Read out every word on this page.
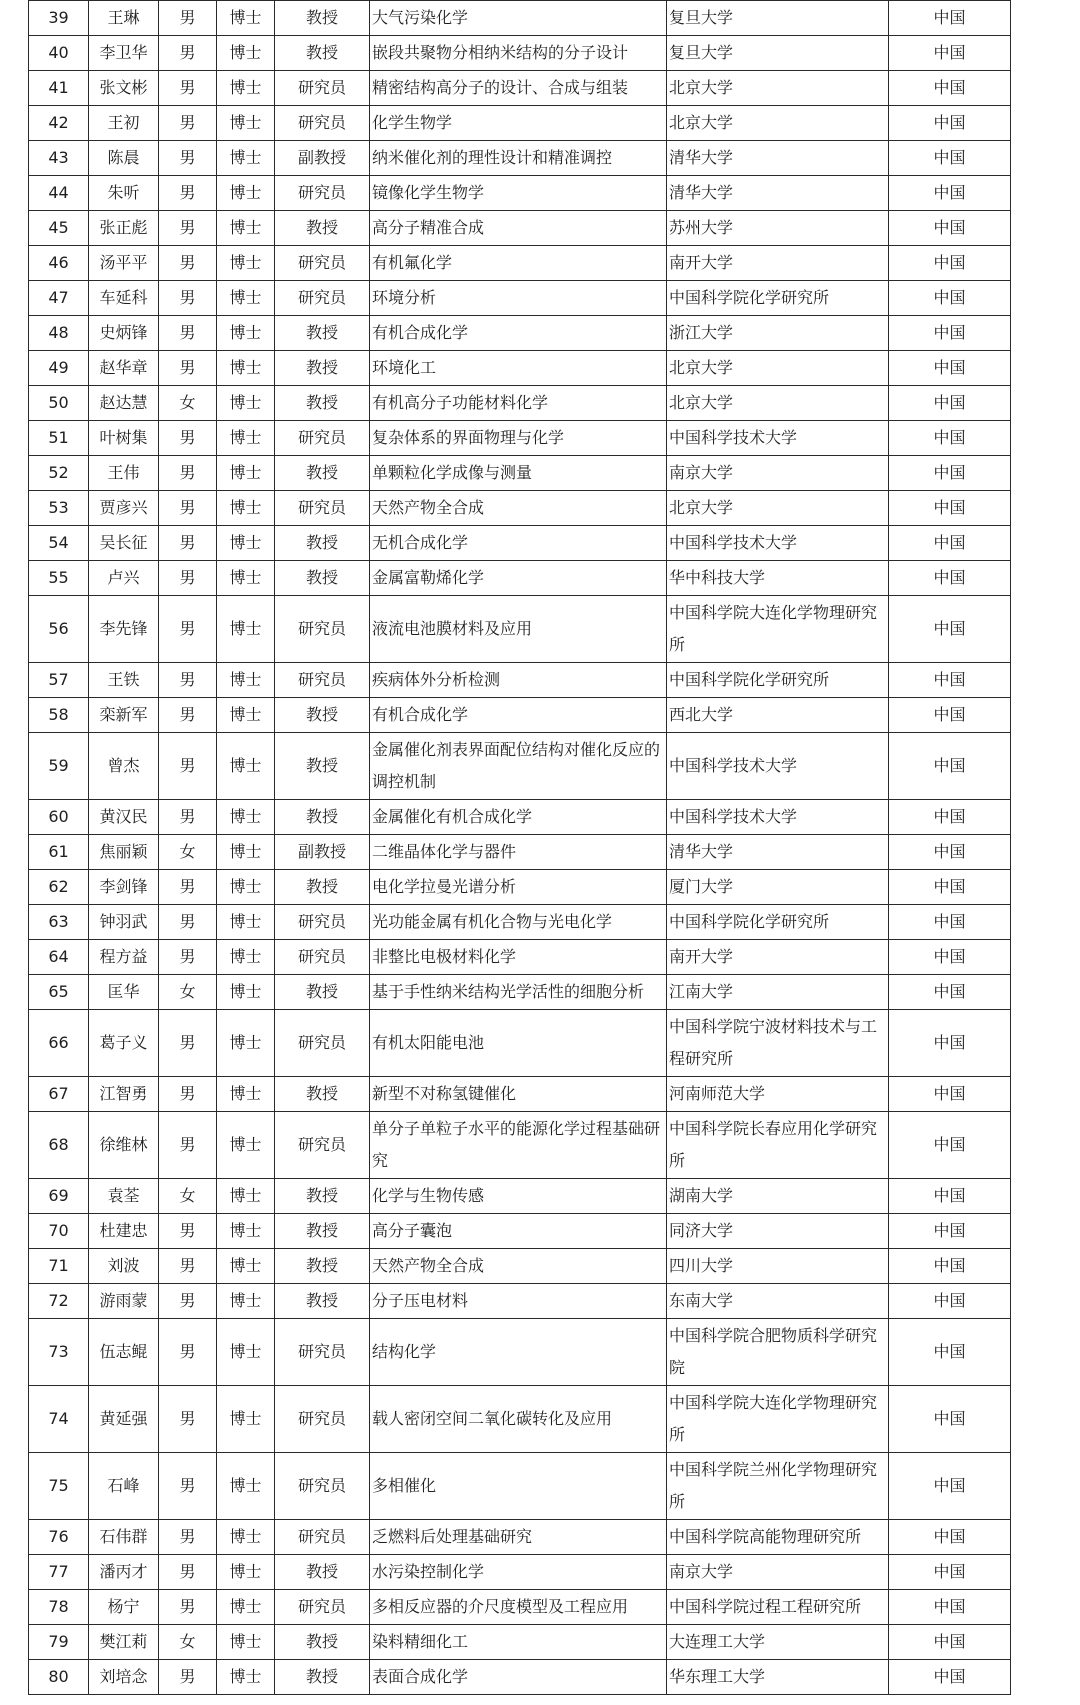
39	王琳	男	博士	教授	大气污染化学	复旦大学	中国
40	李卫华	男	博士	教授	嵌段共聚物分相纳米结构的分子设计	复旦大学	中国
41	张文彬	男	博士	研究员	精密结构高分子的设计、合成与组装	北京大学	中国
42	王初	男	博士	研究员	化学生物学	北京大学	中国
43	陈晨	男	博士	副教授	纳米催化剂的理性设计和精准调控	清华大学	中国
44	朱听	男	博士	研究员	镜像化学生物学	清华大学	中国
45	张正彪	男	博士	教授	高分子精准合成	苏州大学	中国
46	汤平平	男	博士	研究员	有机氟化学	南开大学	中国
47	车延科	男	博士	研究员	环境分析	中国科学院化学研究所	中国
48	史炳锋	男	博士	教授	有机合成化学	浙江大学	中国
49	赵华章	男	博士	教授	环境化工	北京大学	中国
50	赵达慧	女	博士	教授	有机高分子功能材料化学	北京大学	中国
51	叶树集	男	博士	研究员	复杂体系的界面物理与化学	中国科学技术大学	中国
52	王伟	男	博士	教授	单颗粒化学成像与测量	南京大学	中国
53	贾彦兴	男	博士	研究员	天然产物全合成	北京大学	中国
54	吴长征	男	博士	教授	无机合成化学	中国科学技术大学	中国
55	卢兴	男	博士	教授	金属富勒烯化学	华中科技大学	中国
56	李先锋	男	博士	研究员	液流电池膜材料及应用	中国科学院大连化学物理研究所	中国
57	王铁	男	博士	研究员	疾病体外分析检测	中国科学院化学研究所	中国
58	栾新军	男	博士	教授	有机合成化学	西北大学	中国
59	曾杰	男	博士	教授	金属催化剂表界面配位结构对催化反应的调控机制	中国科学技术大学	中国
60	黄汉民	男	博士	教授	金属催化有机合成化学	中国科学技术大学	中国
61	焦丽颖	女	博士	副教授	二维晶体化学与器件	清华大学	中国
62	李剑锋	男	博士	教授	电化学拉曼光谱分析	厦门大学	中国
63	钟羽武	男	博士	研究员	光功能金属有机化合物与光电化学	中国科学院化学研究所	中国
64	程方益	男	博士	研究员	非整比电极材料化学	南开大学	中国
65	匡华	女	博士	教授	基于手性纳米结构光学活性的细胞分析	江南大学	中国
66	葛子义	男	博士	研究员	有机太阳能电池	中国科学院宁波材料技术与工程研究所	中国
67	江智勇	男	博士	教授	新型不对称氢键催化	河南师范大学	中国
68	徐维林	男	博士	研究员	单分子单粒子水平的能源化学过程基础研究	中国科学院长春应用化学研究所	中国
69	袁荃	女	博士	教授	化学与生物传感	湖南大学	中国
70	杜建忠	男	博士	教授	高分子囊泡	同济大学	中国
71	刘波	男	博士	教授	天然产物全合成	四川大学	中国
72	游雨蒙	男	博士	教授	分子压电材料	东南大学	中国
73	伍志鲲	男	博士	研究员	结构化学	中国科学院合肥物质科学研究院	中国
74	黄延强	男	博士	研究员	载人密闭空间二氧化碳转化及应用	中国科学院大连化学物理研究所	中国
75	石峰	男	博士	研究员	多相催化	中国科学院兰州化学物理研究所	中国
76	石伟群	男	博士	研究员	乏燃料后处理基础研究	中国科学院高能物理研究所	中国
77	潘丙才	男	博士	教授	水污染控制化学	南京大学	中国
78	杨宁	男	博士	研究员	多相反应器的介尺度模型及工程应用	中国科学院过程工程研究所	中国
79	樊江莉	女	博士	教授	染料精细化工	大连理工大学	中国
80	刘培念	男	博士	教授	表面合成化学	华东理工大学	中国
